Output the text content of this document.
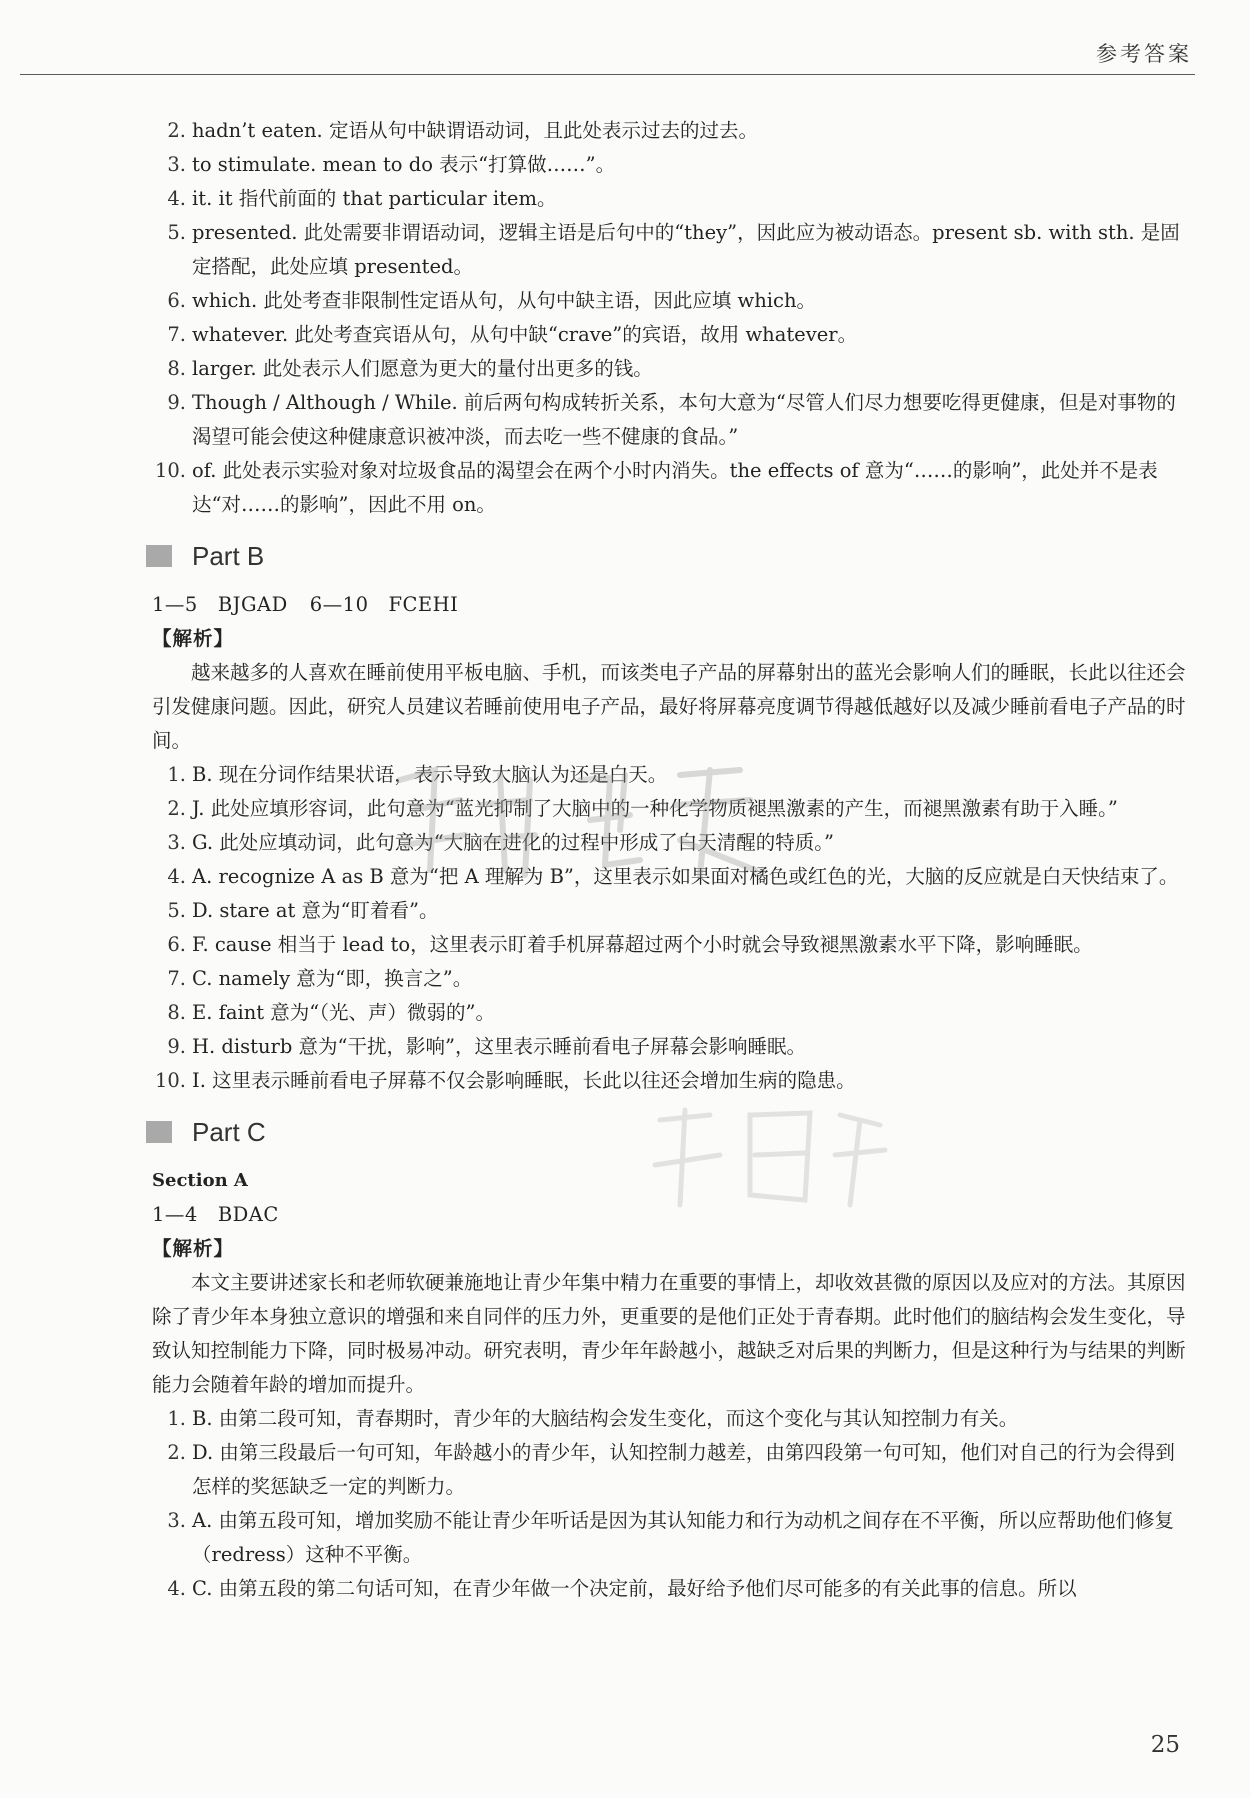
参考答案
2. hadn’t eaten. 定语从句中缺谓语动词，且此处表示过去的过去。
3. to stimulate. mean to do 表示“打算做……”。
4. it. it 指代前面的 that particular item。
5. presented. 此处需要非谓语动词，逻辑主语是后句中的“they”，因此应为被动语态。present sb. with sth. 是固定搭配，此处应填 presented。
6. which. 此处考查非限制性定语从句，从句中缺主语，因此应填 which。
7. whatever. 此处考查宾语从句，从句中缺“crave”的宾语，故用 whatever。
8. larger. 此处表示人们愿意为更大的量付出更多的钱。
9. Though / Although / While. 前后两句构成转折关系，本句大意为“尽管人们尽力想要吃得更健康，但是对事物的渴望可能会使这种健康意识被冲淡，而去吃一些不健康的食品。”
10. of. 此处表示实验对象对垃圾食品的渴望会在两个小时内消失。the effects of 意为“……的影响”，此处并不是表达“对……的影响”，因此不用 on。
Part B
1—5　BJGAD 6—10　FCEHI
【解析】
越来越多的人喜欢在睡前使用平板电脑、手机，而该类电子产品的屏幕射出的蓝光会影响人们的睡眠，长此以往还会引发健康问题。因此，研究人员建议若睡前使用电子产品，最好将屏幕亮度调节得越低越好以及减少睡前看电子产品的时间。
1. B. 现在分词作结果状语，表示导致大脑认为还是白天。
2. J. 此处应填形容词，此句意为“蓝光抑制了大脑中的一种化学物质褪黑激素的产生，而褪黑激素有助于入睡。”
3. G. 此处应填动词，此句意为“大脑在进化的过程中形成了白天清醒的特质。”
4. A. recognize A as B 意为“把 A 理解为 B”，这里表示如果面对橘色或红色的光，大脑的反应就是白天快结束了。
5. D. stare at 意为“盯着看”。
6. F. cause 相当于 lead to，这里表示盯着手机屏幕超过两个小时就会导致褪黑激素水平下降，影响睡眠。
7. C. namely 意为“即，换言之”。
8. E. faint 意为“（光、声）微弱的”。
9. H. disturb 意为“干扰，影响”，这里表示睡前看电子屏幕会影响睡眠。
10. I. 这里表示睡前看电子屏幕不仅会影响睡眠，长此以往还会增加生病的隐患。
Part C
Section A
1—4　BDAC
【解析】
本文主要讲述家长和老师软硬兼施地让青少年集中精力在重要的事情上，却收效甚微的原因以及应对的方法。其原因除了青少年本身独立意识的增强和来自同伴的压力外，更重要的是他们正处于青春期。此时他们的脑结构会发生变化，导致认知控制能力下降，同时极易冲动。研究表明，青少年年龄越小，越缺乏对后果的判断力，但是这种行为与结果的判断能力会随着年龄的增加而提升。
1. B. 由第二段可知，青春期时，青少年的大脑结构会发生变化，而这个变化与其认知控制力有关。
2. D. 由第三段最后一句可知，年龄越小的青少年，认知控制力越差，由第四段第一句可知，他们对自己的行为会得到怎样的奖惩缺乏一定的判断力。
3. A. 由第五段可知，增加奖励不能让青少年听话是因为其认知能力和行为动机之间存在不平衡，所以应帮助他们修复（redress）这种不平衡。
4. C. 由第五段的第二句话可知，在青少年做一个决定前，最好给予他们尽可能多的有关此事的信息。所以
25
